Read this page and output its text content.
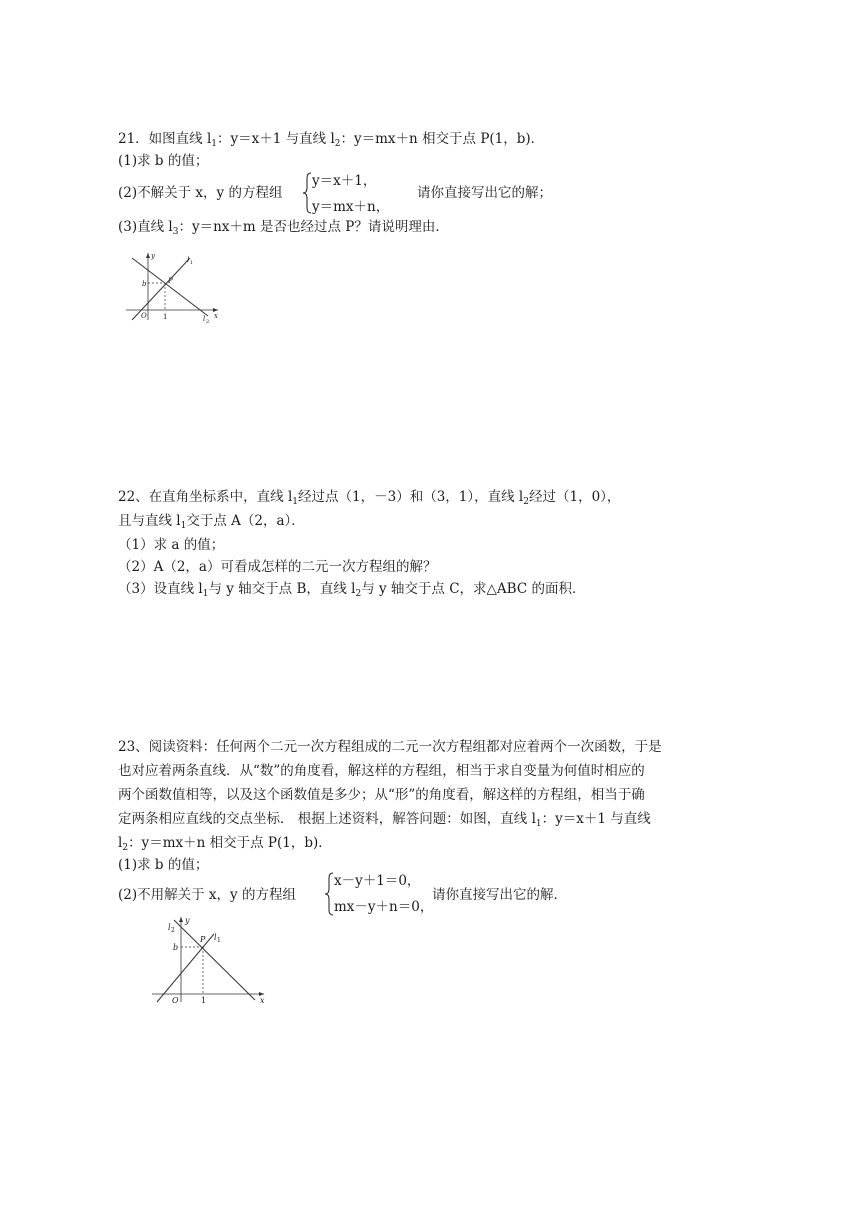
21．如图直线 $l_1$：y＝x＋1 与直线 $l_2$：y＝mx＋n 相交于点 P(1，b)．
(1)求 b 的值；
(2)不解关于 x，y 的方程组
y＝x＋1，
y＝mx＋n，
请你直接写出它的解；
(3)直线 $l_3$：y＝nx＋m 是否也经过点 P？请说明理由．
y
x
O
b
1
P
l 1
l 2
22、在直角坐标系中，直线 $l_1$经过点（1，－3）和（3，1），直线 $l_2$经过（1，0），
且与直线 $l_1$交于点 A（2，a）．
（1）求 a 的值；
（2）A（2，a）可看成怎样的二元一次方程组的解？
（3）设直线 $l_1$与 y 轴交于点 B，直线 $l_2$与 y 轴交于点 C，求△ABC 的面积．
23、阅读资料：任何两个二元一次方程组成的二元一次方程组都对应着两个一次函数，于是
也对应着两条直线．从“数”的角度看，解这样的方程组，相当于求自变量为何值时相应的
两个函数值相等，以及这个函数值是多少；从“形”的角度看，解这样的方程组，相当于确
定两条相应直线的交点坐标． 根据上述资料，解答问题：如图，直线 $l_1$：y＝x＋1 与直线
$l_2$：y＝mx＋n 相交于点 P(1，b)．
(1)求 b 的值；
(2)不用解关于 x，y 的方程组
x－y＋1＝0，
mx－y＋n＝0，
请你直接写出它的解．
y
x
O
b
1
P l 1
l 2
